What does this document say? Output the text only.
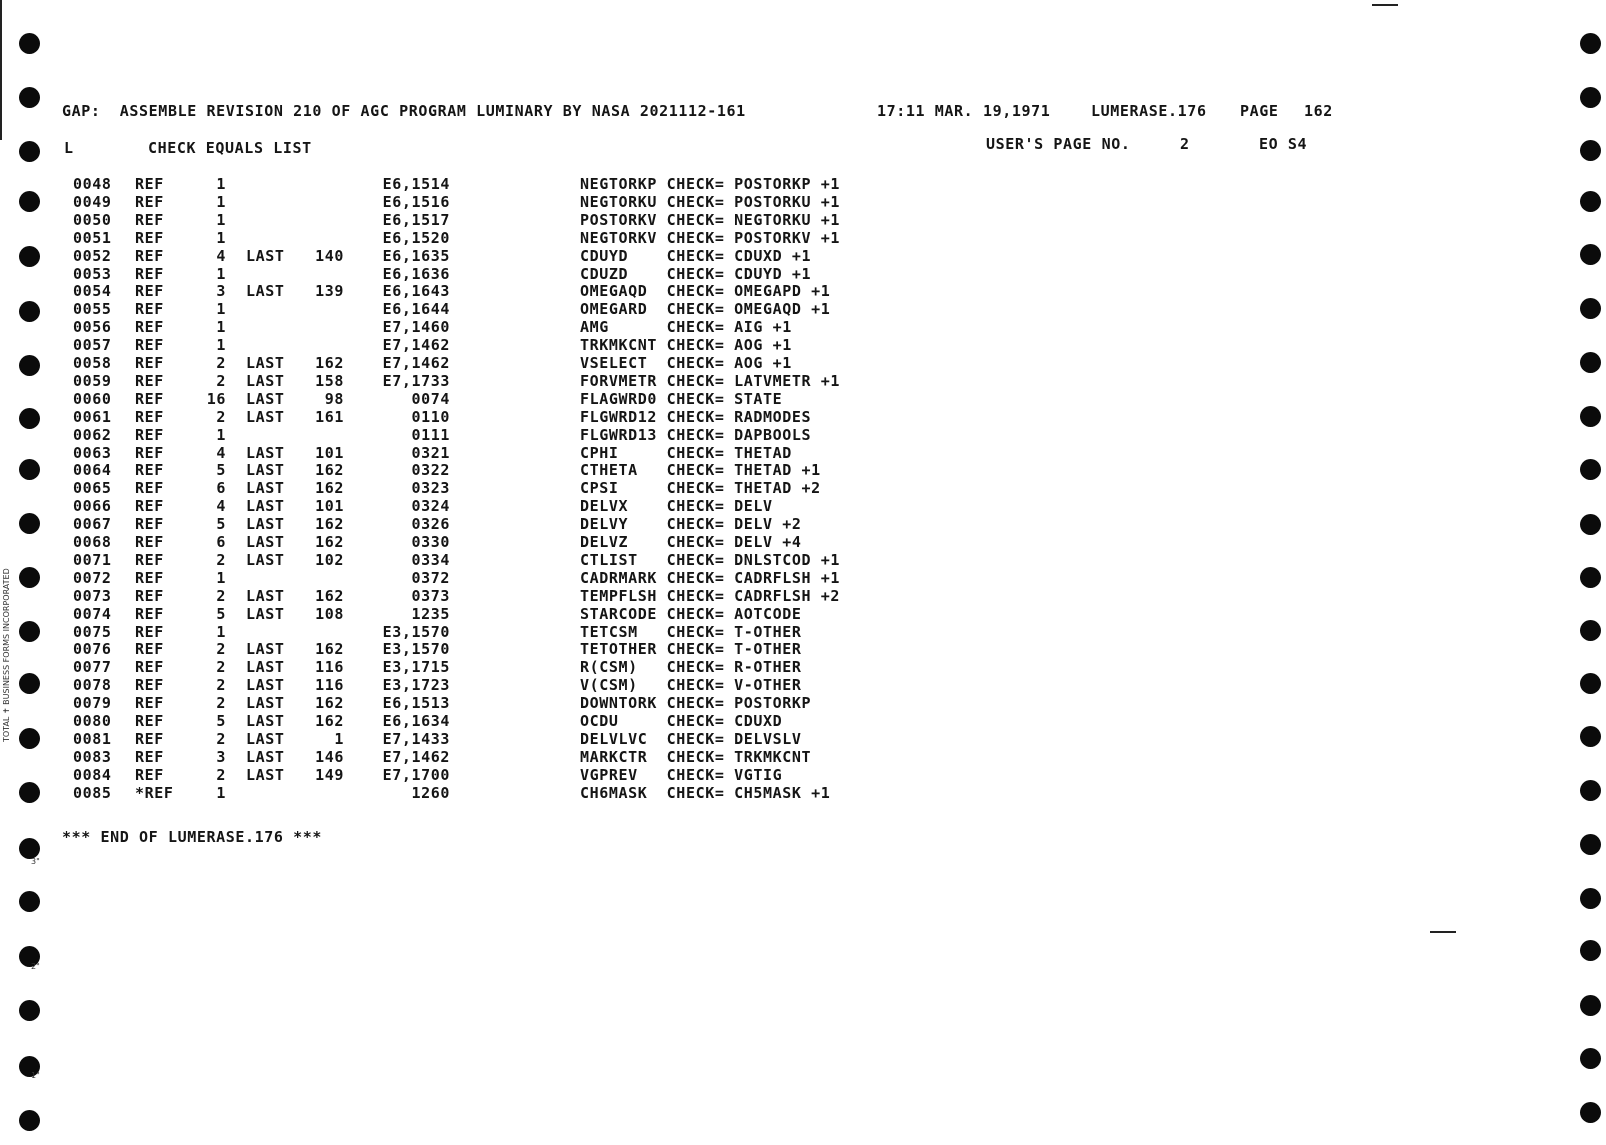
GAP:  ASSEMBLE REVISION 210 OF AGC PROGRAM LUMINARY BY NASA 2021112-161	17:11 MAR. 19,1971	LUMERASE.176 PAGE 162
L	CHECK EQUALS LIST	USER'S PAGE NO.	2	EO S4
0048 REF	1	E6,1514	NEGTORKP CHECK= POSTORKP +1
0049 REF	1	E6,1516	NEGTORKU CHECK= POSTORKU +1
0050 REF	1	E6,1517	POSTORKV CHECK= NEGTORKU +1
0051 REF	1	E6,1520	NEGTORKV CHECK= POSTORKV +1
0052 REF	4 LAST	140	E6,1635	CDUYD    CHECK= CDUXD +1
0053 REF	1	E6,1636	CDUZD    CHECK= CDUYD +1
0054 REF	3 LAST	139	E6,1643	OMEGAQD  CHECK= OMEGAPD +1
0055 REF	1	E6,1644	OMEGARD  CHECK= OMEGAQD +1
0056 REF	1	E7,1460	AMG      CHECK= AIG +1
0057 REF	1	E7,1462	TRKMKCNT CHECK= AOG +1
0058 REF	2 LAST	162	E7,1462	VSELECT  CHECK= AOG +1
0059 REF	2 LAST	158	E7,1733	FORVMETR CHECK= LATVMETR +1
0060 REF	16 LAST	98	0074	FLAGWRD0 CHECK= STATE
0061 REF	2 LAST	161	0110	FLGWRD12 CHECK= RADMODES
0062 REF	1	0111	FLGWRD13 CHECK= DAPBOOLS
0063 REF	4 LAST	101	0321	CPHI     CHECK= THETAD
0064 REF	5 LAST	162	0322	CTHETA   CHECK= THETAD +1
0065 REF	6 LAST	162	0323	CPSI     CHECK= THETAD +2
0066 REF	4 LAST	101	0324	DELVX    CHECK= DELV
0067 REF	5 LAST	162	0326	DELVY    CHECK= DELV +2
0068 REF	6 LAST	162	0330	DELVZ    CHECK= DELV +4
0071 REF	2 LAST	102	0334	CTLIST   CHECK= DNLSTCOD +1
0072 REF	1	0372	CADRMARK CHECK= CADRFLSH +1
0073 REF	2 LAST	162	0373	TEMPFLSH CHECK= CADRFLSH +2
0074 REF	5 LAST	108	1235	STARCODE CHECK= AOTCODE
0075 REF	1	E3,1570	TETCSM   CHECK= T-OTHER
0076 REF	2 LAST	162	E3,1570	TETOTHER CHECK= T-OTHER
0077 REF	2 LAST	116	E3,1715	R(CSM)   CHECK= R-OTHER
0078 REF	2 LAST	116	E3,1723	V(CSM)   CHECK= V-OTHER
0079 REF	2 LAST	162	E6,1513	DOWNTORK CHECK= POSTORKP
0080 REF	5 LAST	162	E6,1634	OCDU     CHECK= CDUXD
0081 REF	2 LAST	1	E7,1433	DELVLVC  CHECK= DELVSLV
0083 REF	3 LAST	146	E7,1462	MARKCTR  CHECK= TRKMKCNT
0084 REF	2 LAST	149	E7,1700	VGPREV   CHECK= VGTIG
0085 *REF	1	1260	CH6MASK  CHECK= CH5MASK +1
*** END OF LUMERASE.176 ***
TOTAL ✝ BUSINESS FORMS INCORPORATED
3"
2"
1"
